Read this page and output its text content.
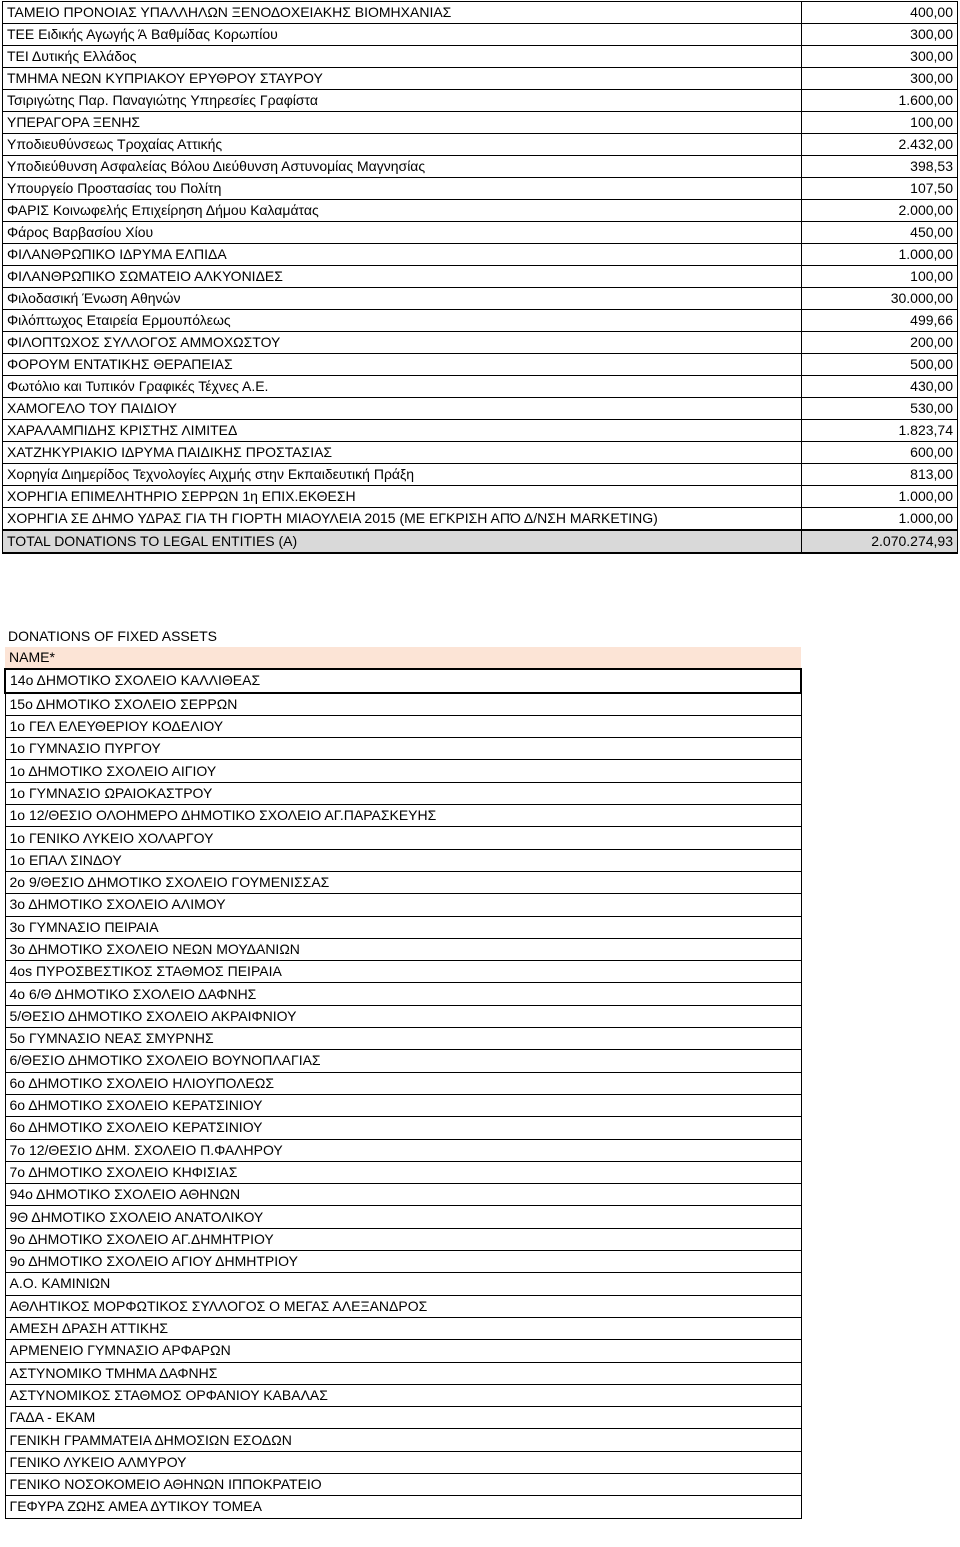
ΤΑΜΕΙΟ ΠΡΟΝΟΙΑΣ ΥΠΑΛΛΗΛΩΝ ΞΕΝΟΔΟΧΕΙΑΚΗΣ ΒΙΟΜΗΧΑΝΙΑΣ	400,00
ΤΕΕ Ειδικής Αγωγής Ά Βαθμίδας Κορωπίου	300,00
ΤΕΙ Δυτικής Ελλάδος	300,00
ΤΜΗΜΑ ΝΕΩΝ ΚΥΠΡΙΑΚΟΥ ΕΡΥΘΡΟΥ ΣΤΑΥΡΟΥ	300,00
Τσιριγώτης Παρ. Παναγιώτης Υπηρεσίες Γραφίστα	1.600,00
ΥΠΕΡΑΓΟΡΑ ΞΕΝΗΣ	100,00
Υποδιευθύνσεως Τροχαίας Αττικής	2.432,00
Υποδιεύθυνση Ασφαλείας Βόλου Διεύθυνση Αστυνομίας Μαγνησίας	398,53
Υπουργείο Προστασίας του Πολίτη	107,50
ΦΑΡΙΣ Κοινωφελής Επιχείρηση Δήμου Καλαμάτας	2.000,00
Φάρος Βαρβασίου Χίου	450,00
ΦΙΛΑΝΘΡΩΠΙΚΟ ΙΔΡΥΜΑ ΕΛΠΙΔΑ	1.000,00
ΦΙΛΑΝΘΡΩΠΙΚΟ ΣΩΜΑΤΕΙΟ ΑΛΚΥΟΝΙΔΕΣ	100,00
Φιλοδασική Ένωση Αθηνών	30.000,00
Φιλόπτωχος Εταιρεία Ερμουπόλεως	499,66
ΦΙΛΟΠΤΩΧΟΣ ΣΥΛΛΟΓΟΣ ΑΜΜΟΧΩΣΤΟΥ	200,00
ΦΟΡΟΥΜ ΕΝΤΑΤΙΚΗΣ ΘΕΡΑΠΕΙΑΣ	500,00
Φωτόλιο και Τυπικόν Γραφικές Τέχνες Α.Ε.	430,00
ΧΑΜΟΓΕΛΟ ΤΟΥ ΠΑΙΔΙΟΥ	530,00
ΧΑΡΑΛΑΜΠΙΔΗΣ ΚΡΙΣΤΗΣ ΛΙΜΙΤΕΔ	1.823,74
ΧΑΤΖΗΚΥΡΙΑΚΙΟ ΙΔΡΥΜΑ ΠΑΙΔΙΚΗΣ ΠΡΟΣΤΑΣΙΑΣ	600,00
Χορηγία Διημερίδος Τεχνολογίες Αιχμής στην Εκπαιδευτική Πράξη	813,00
ΧΟΡΗΓΙΑ ΕΠΙΜΕΛΗΤΗΡΙΟ ΣΕΡΡΩΝ 1η ΕΠΙΧ.ΕΚΘΕΣΗ	1.000,00
ΧΟΡΗΓΙΑ ΣΕ ΔΗΜΟ ΥΔΡΑΣ ΓΙΑ ΤΗ ΓΙΟΡΤΗ ΜΙΑΟΥΛΕΙΑ 2015 (ΜΕ ΕΓΚΡΙΣΗ ΑΠΌ Δ/ΝΣΗ MARKETING)	1.000,00
TOTAL DONATIONS TO LEGAL ENTITIES (A)	2.070.274,93
DONATIONS OF FIXED ASSETS
NAME*
14ο ΔΗΜΟΤΙΚΟ ΣΧΟΛΕΙΟ ΚΑΛΛΙΘΕΑΣ
15ο ΔΗΜΟΤΙΚΟ ΣΧΟΛΕΙΟ ΣΕΡΡΩΝ
1ο ΓΕΛ ΕΛΕΥΘΕΡΙΟΥ ΚΟΔΕΛΙΟΥ
1ο ΓΥΜΝΑΣΙΟ ΠΥΡΓΟΥ
1ο ΔΗΜΟΤΙΚΟ ΣΧΟΛΕΙΟ ΑΙΓΙΟΥ
1ο ΓΥΜΝΑΣΙΟ ΩΡΑΙΟΚΑΣΤΡΟΥ
1ο 12/ΘΕΣΙΟ ΟΛΟΗΜΕΡΟ ΔΗΜΟΤΙΚΟ ΣΧΟΛΕΙΟ ΑΓ.ΠΑΡΑΣΚΕΥΗΣ
1ο ΓΕΝΙΚΟ ΛΥΚΕΙΟ ΧΟΛΑΡΓΟΥ
1ο ΕΠΑΛ ΣΙΝΔΟΥ
2ο 9/ΘΕΣΙΟ ΔΗΜΟΤΙΚΟ ΣΧΟΛΕΙΟ ΓΟΥΜΕΝΙΣΣΑΣ
3ο ΔΗΜΟΤΙΚΟ ΣΧΟΛΕΙΟ ΑΛΙΜΟΥ
3ο ΓΥΜΝΑΣΙΟ ΠΕΙΡΑΙΑ
3ο ΔΗΜΟΤΙΚΟ ΣΧΟΛΕΙΟ ΝΕΩΝ ΜΟΥΔΑΝΙΩΝ
4οs ΠΥΡΟΣΒΕΣΤΙΚΟΣ ΣΤΑΘΜΟΣ ΠΕΙΡΑΙΑ
4ο 6/Θ ΔΗΜΟΤΙΚΟ ΣΧΟΛΕΙΟ ΔΑΦΝΗΣ
5/ΘΕΣΙΟ ΔΗΜΟΤΙΚΟ ΣΧΟΛΕΙΟ ΑΚΡΑΙΦΝΙΟΥ
5ο ΓΥΜΝΑΣΙΟ ΝΕΑΣ ΣΜΥΡΝΗΣ
6/ΘΕΣΙΟ ΔΗΜΟΤΙΚΟ ΣΧΟΛΕΙΟ ΒΟΥΝΟΠΛΑΓΙΑΣ
6ο ΔΗΜΟΤΙΚΟ ΣΧΟΛΕΙΟ ΗΛΙΟΥΠΟΛΕΩΣ
6ο ΔΗΜΟΤΙΚΟ ΣΧΟΛΕΙΟ ΚΕΡΑΤΣΙΝΙΟΥ
6ο ΔΗΜΟΤΙΚΟ ΣΧΟΛΕΙΟ ΚΕΡΑΤΣΙΝΙΟΥ
7ο 12/ΘΕΣΙΟ ΔΗΜ. ΣΧΟΛΕΙΟ Π.ΦΑΛΗΡΟΥ
7ο ΔΗΜΟΤΙΚΟ ΣΧΟΛΕΙΟ ΚΗΦΙΣΙΑΣ
94ο ΔΗΜΟΤΙΚΟ ΣΧΟΛΕΙΟ ΑΘΗΝΩΝ
9Θ ΔΗΜΟΤΙΚΟ ΣΧΟΛΕΙΟ ΑΝΑΤΟΛΙΚΟΥ
9ο ΔΗΜΟΤΙΚΟ ΣΧΟΛΕΙΟ ΑΓ.ΔΗΜΗΤΡΙΟΥ
9ο ΔΗΜΟΤΙΚΟ ΣΧΟΛΕΙΟ ΑΓΙΟΥ ΔΗΜΗΤΡΙΟΥ
Α.Ο. ΚΑΜΙΝΙΩΝ
ΑΘΛΗΤΙΚΟΣ ΜΟΡΦΩΤΙΚΟΣ ΣΥΛΛΟΓΟΣ Ο ΜΕΓΑΣ ΑΛΕΞΑΝΔΡΟΣ
ΑΜΕΣΗ ΔΡΑΣΗ ΑΤΤΙΚΗΣ
ΑΡΜΕΝΕΙΟ ΓΥΜΝΑΣΙΟ ΑΡΦΑΡΩΝ
ΑΣΤΥΝΟΜΙΚΟ ΤΜΗΜΑ ΔΑΦΝΗΣ
ΑΣΤΥΝΟΜΙΚΟΣ ΣΤΑΘΜΟΣ ΟΡΦΑΝΙΟΥ ΚΑΒΑΛΑΣ
ΓΑΔΑ - ΕΚΑΜ
ΓΕΝΙΚΗ ΓΡΑΜΜΑΤΕΙΑ ΔΗΜΟΣΙΩΝ ΕΣΟΔΩΝ
ΓΕΝΙΚΟ ΛΥΚΕΙΟ ΑΛΜΥΡΟΥ
ΓΕΝΙΚΟ ΝΟΣΟΚΟΜΕΙΟ ΑΘΗΝΩΝ ΙΠΠΟΚΡΑΤΕΙΟ
ΓΕΦΥΡΑ ΖΩΗΣ ΑΜΕΑ ΔΥΤΙΚΟΥ ΤΟΜΕΑ
